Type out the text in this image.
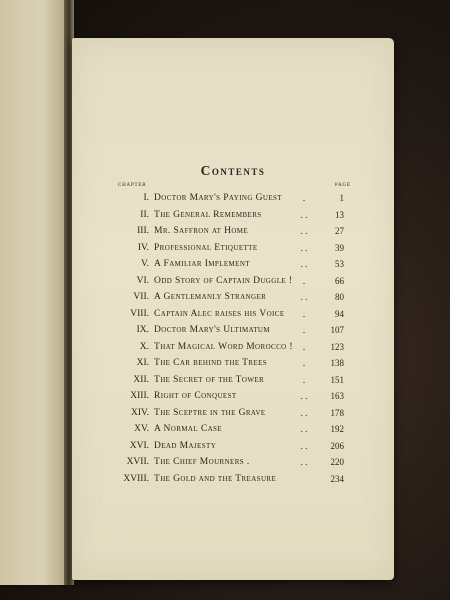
Contents
CHAPTER	PAGE
I. Doctor Mary's Paying Guest	.	1
II. The General Remembers	. .	13
III. Mr. Saffron at Home	. .	27
IV. Professional Etiquette	. .	39
V. A Familiar Implement	. .	53
VI. Odd Story of Captain Duggle !	.	66
VII. A Gentlemanly Stranger	. .	80
VIII. Captain Alec raises his Voice	.	94
IX. Doctor Mary's Ultimatum	.	107
X. That Magical Word Morocco !	.	123
XI. The Car behind the Trees	.	138
XII. The Secret of the Tower	.	151
XIII. Right of Conquest	. .	163
XIV. The Sceptre in the Grave	. .	178
XV. A Normal Case	. .	192
XVI. Dead Majesty	. .	206
XVII. The Chief Mourners .	. .	220
XVIII. The Gold and the Treasure	234
